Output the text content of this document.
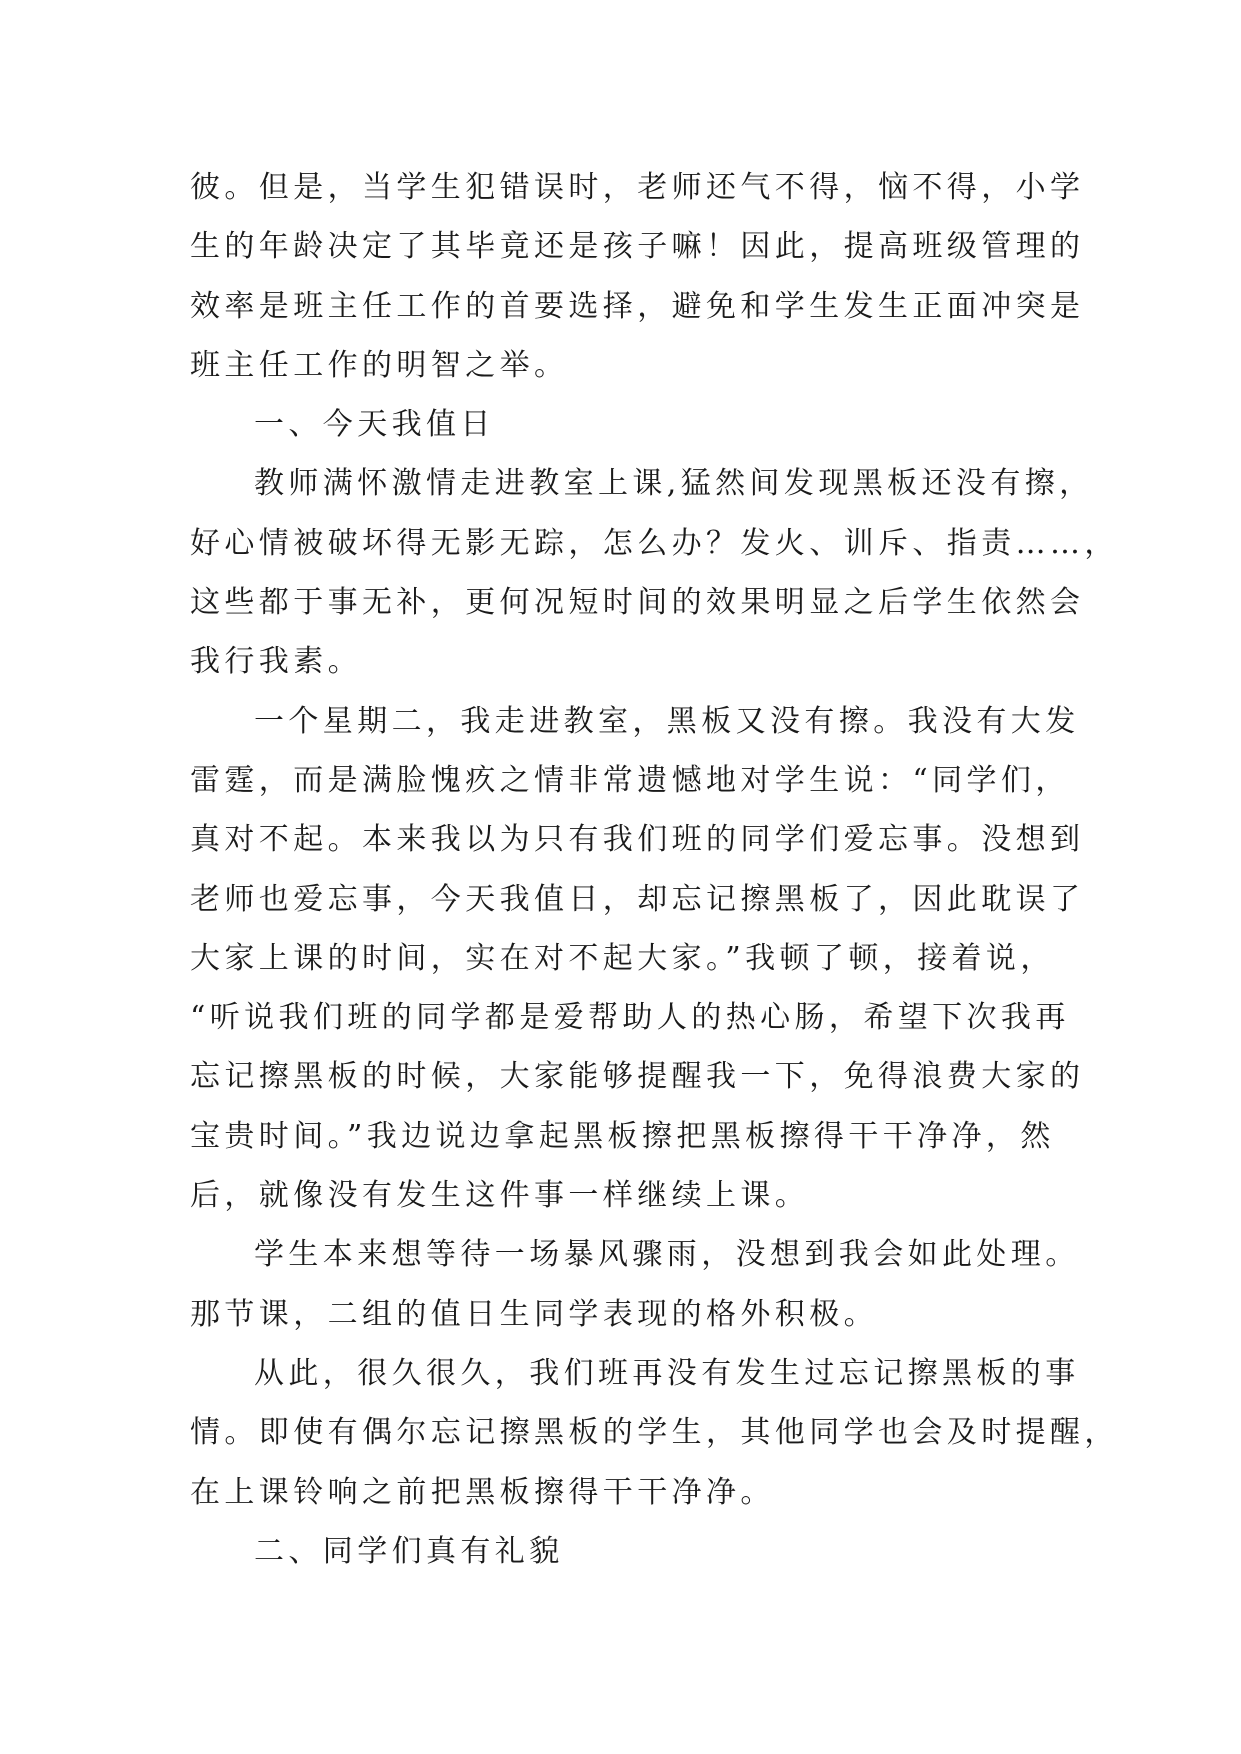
彼。但是，当学生犯错误时，老师还气不得，恼不得，小学
生的年龄决定了其毕竟还是孩子嘛！因此，提高班级管理的
效率是班主任工作的首要选择，避免和学生发生正面冲突是
班主任工作的明智之举。
一、今天我值日
教师满怀激情走进教室上课,猛然间发现黑板还没有擦，
好心情被破坏得无影无踪，怎么办？发火、训斥、指责……，
这些都于事无补，更何况短时间的效果明显之后学生依然会
我行我素。
一个星期二，我走进教室，黑板又没有擦。我没有大发
雷霆，而是满脸愧疚之情非常遗憾地对学生说：“同学们，
真对不起。本来我以为只有我们班的同学们爱忘事。没想到
老师也爱忘事，今天我值日，却忘记擦黑板了，因此耽误了
大家上课的时间，实在对不起大家。”我顿了顿，接着说，
“听说我们班的同学都是爱帮助人的热心肠，希望下次我再
忘记擦黑板的时候，大家能够提醒我一下，免得浪费大家的
宝贵时间。”我边说边拿起黑板擦把黑板擦得干干净净，然
后，就像没有发生这件事一样继续上课。
学生本来想等待一场暴风骤雨，没想到我会如此处理。
那节课，二组的值日生同学表现的格外积极。
从此，很久很久，我们班再没有发生过忘记擦黑板的事
情。即使有偶尔忘记擦黑板的学生，其他同学也会及时提醒，
在上课铃响之前把黑板擦得干干净净。
二、同学们真有礼貌
